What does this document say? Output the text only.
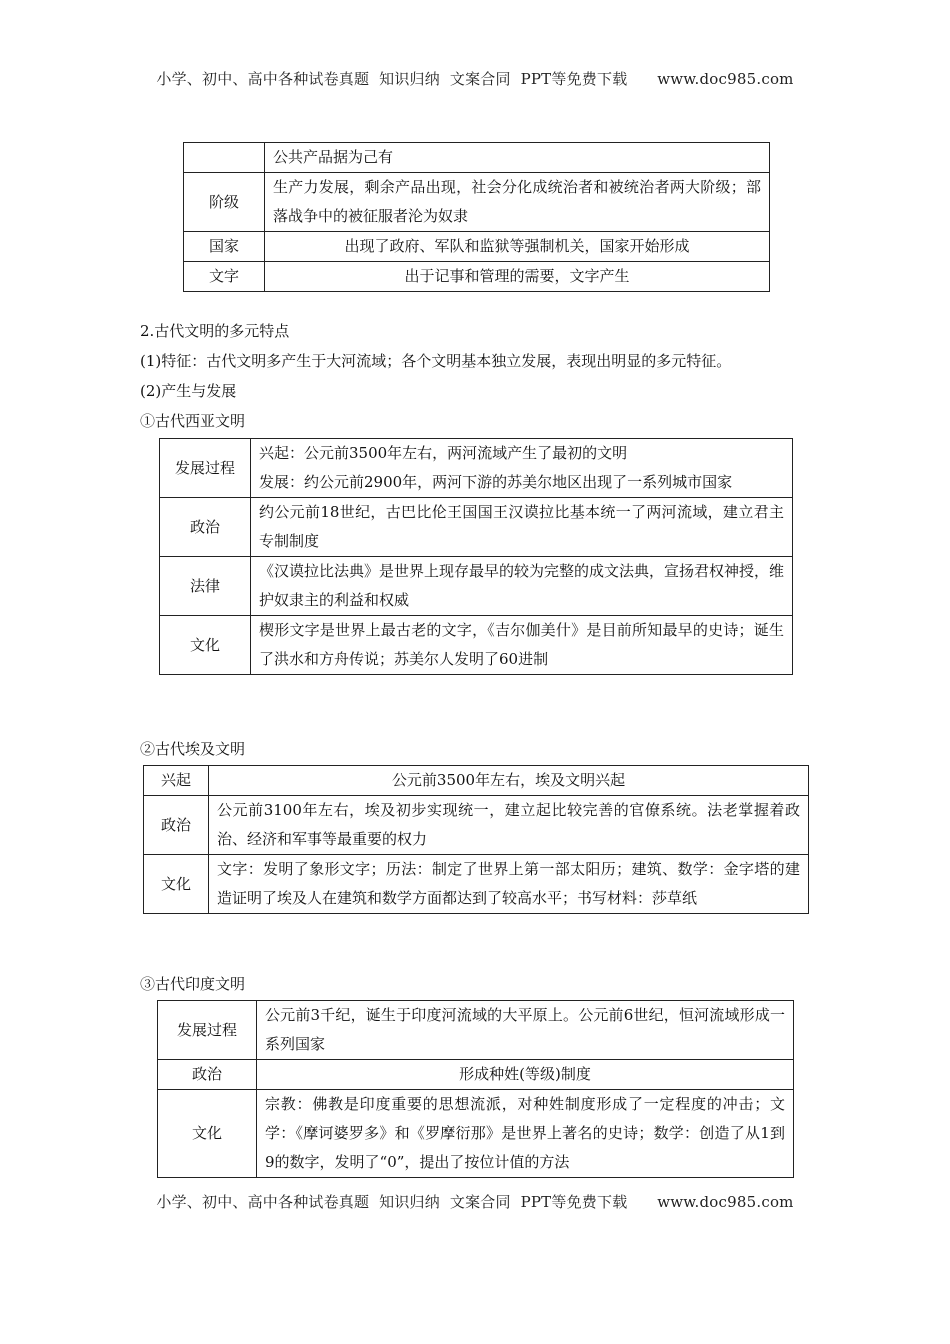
小学、初中、高中各种试卷真题  知识归纳  文案合同  PPT等免费下载      www.doc985.com
	公共产品据为己有
阶级	生产力发展，剩余产品出现，社会分化成统治者和被统治者两大阶级；部落战争中的被征服者沦为奴隶
国家	出现了政府、军队和监狱等强制机关，国家开始形成
文字	出于记事和管理的需要，文字产生
2.古代文明的多元特点
(1)特征：古代文明多产生于大河流域；各个文明基本独立发展，表现出明显的多元特征。
(2)产生与发展
①古代西亚文明
发展过程	兴起：公元前3500年左右，两河流域产生了最初的文明
发展：约公元前2900年，两河下游的苏美尔地区出现了一系列城市国家

政治	约公元前18世纪，古巴比伦王国国王汉谟拉比基本统一了两河流域，建立君主专制制度
法律	《汉谟拉比法典》是世界上现存最早的较为完整的成文法典，宣扬君权神授，维护奴隶主的利益和权威
文化	楔形文字是世界上最古老的文字，《吉尔伽美什》是目前所知最早的史诗；诞生了洪水和方舟传说；苏美尔人发明了60进制
②古代埃及文明
兴起	公元前3500年左右，埃及文明兴起
政治	公元前3100年左右，埃及初步实现统一，建立起比较完善的官僚系统。法老掌握着政治、经济和军事等最重要的权力
文化	文字：发明了象形文字；历法：制定了世界上第一部太阳历；建筑、数学：金字塔的建造证明了埃及人在建筑和数学方面都达到了较高水平；书写材料：莎草纸
③古代印度文明
发展过程	公元前3千纪，诞生于印度河流域的大平原上。公元前6世纪，恒河流域形成一系列国家
政治	形成种姓(等级)制度
文化	宗教：佛教是印度重要的思想流派，对种姓制度形成了一定程度的冲击；文学：《摩诃婆罗多》和《罗摩衍那》是世界上著名的史诗；数学：创造了从1到9的数字，发明了“0”，提出了按位计值的方法
小学、初中、高中各种试卷真题  知识归纳  文案合同  PPT等免费下载      www.doc985.com
